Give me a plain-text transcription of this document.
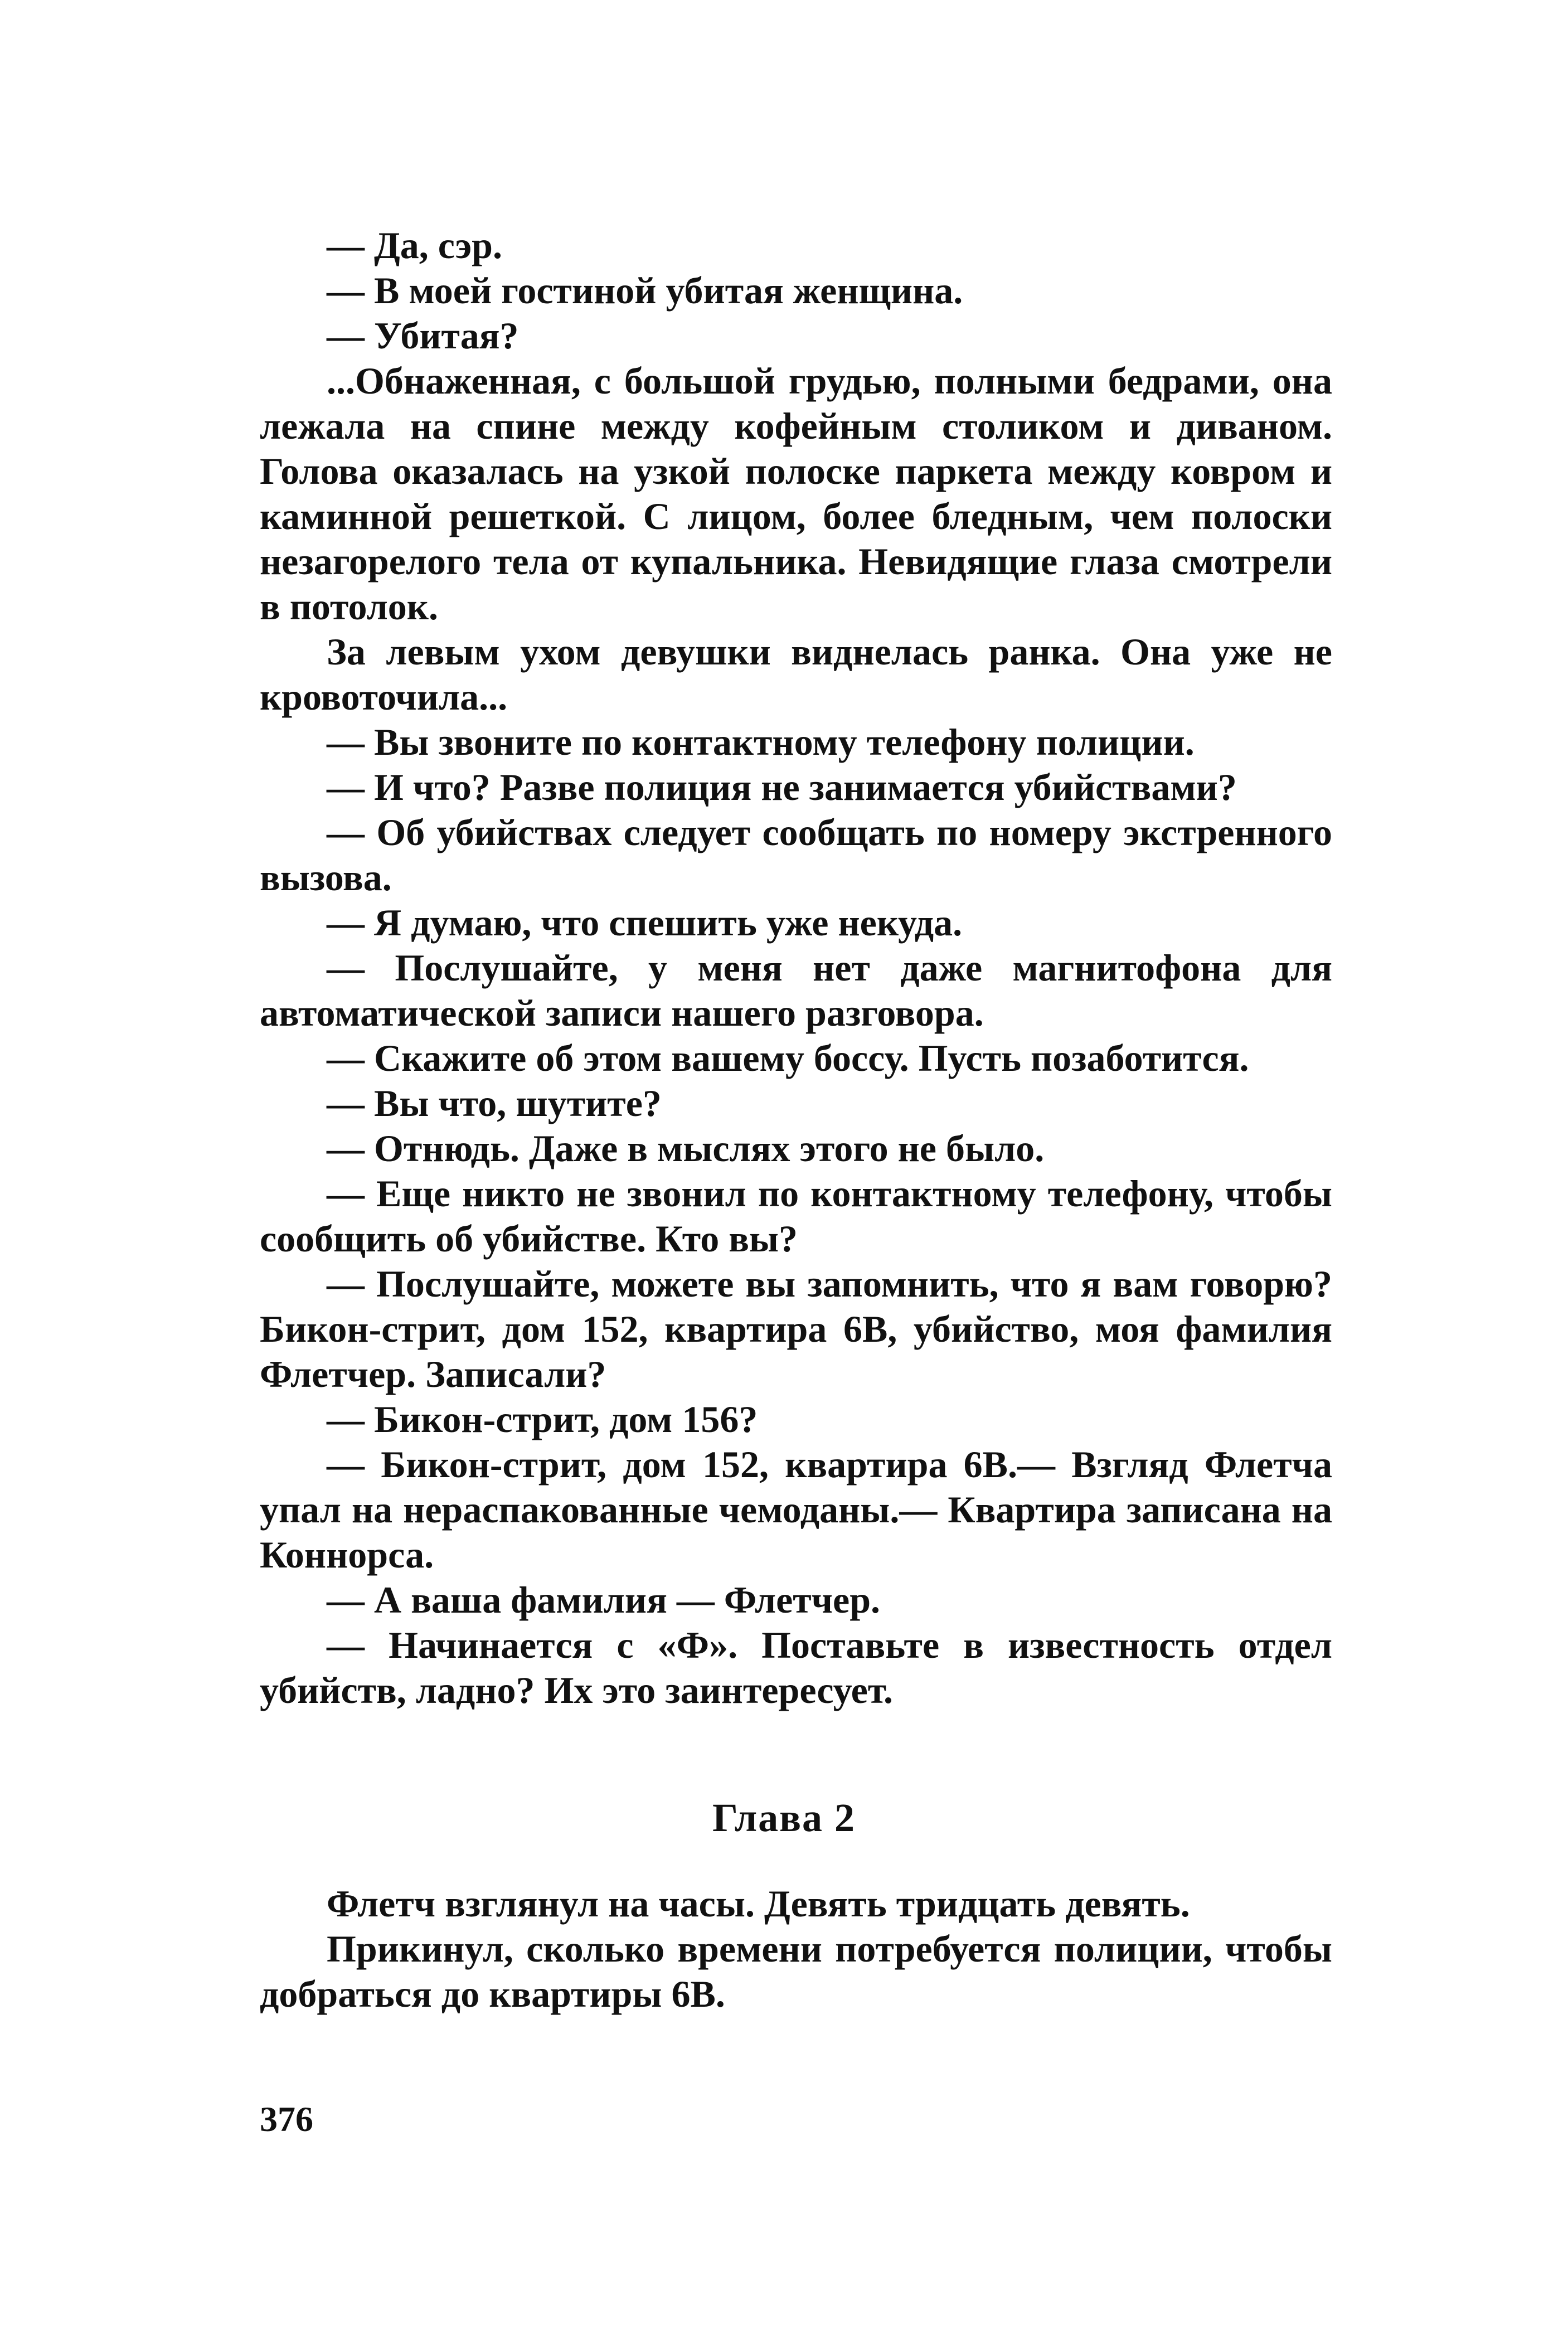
— Да, сэр.

— В моей гостиной убитая женщина.

— Убитая?

...Обнаженная, с большой грудью, полными бедрами, она лежала на спине между кофейным столиком и диваном. Голова оказалась на узкой полоске паркета между ковром и каминной решеткой. С лицом, более бледным, чем полоски незагорелого тела от купальника. Невидящие глаза смотрели в потолок.

За левым ухом девушки виднелась ранка. Она уже не кровоточила...

— Вы звоните по контактному телефону полиции.

— И что? Разве полиция не занимается убийствами?

— Об убийствах следует сообщать по номеру экстренного вызова.

— Я думаю, что спешить уже некуда.

— Послушайте, у меня нет даже магнитофона для автоматической записи нашего разговора.

— Скажите об этом вашему боссу. Пусть позаботится.

— Вы что, шутите?

— Отнюдь. Даже в мыслях этого не было.

— Еще никто не звонил по контактному телефону, чтобы сообщить об убийстве. Кто вы?

— Послушайте, можете вы запомнить, что я вам говорю? Бикон-стрит, дом 152, квартира 6B, убийство, моя фамилия Флетчер. Записали?

— Бикон-стрит, дом 156?

— Бикон-стрит, дом 152, квартира 6B.— Взгляд Флетча упал на нераспакованные чемоданы.— Квартира записана на Коннорса.

— А ваша фамилия — Флетчер.

— Начинается с «Ф». Поставьте в известность отдел убийств, ладно? Их это заинтересует.

Глава 2

Флетч взглянул на часы. Девять тридцать девять.

Прикинул, сколько времени потребуется полиции, чтобы добраться до квартиры 6B.

376
